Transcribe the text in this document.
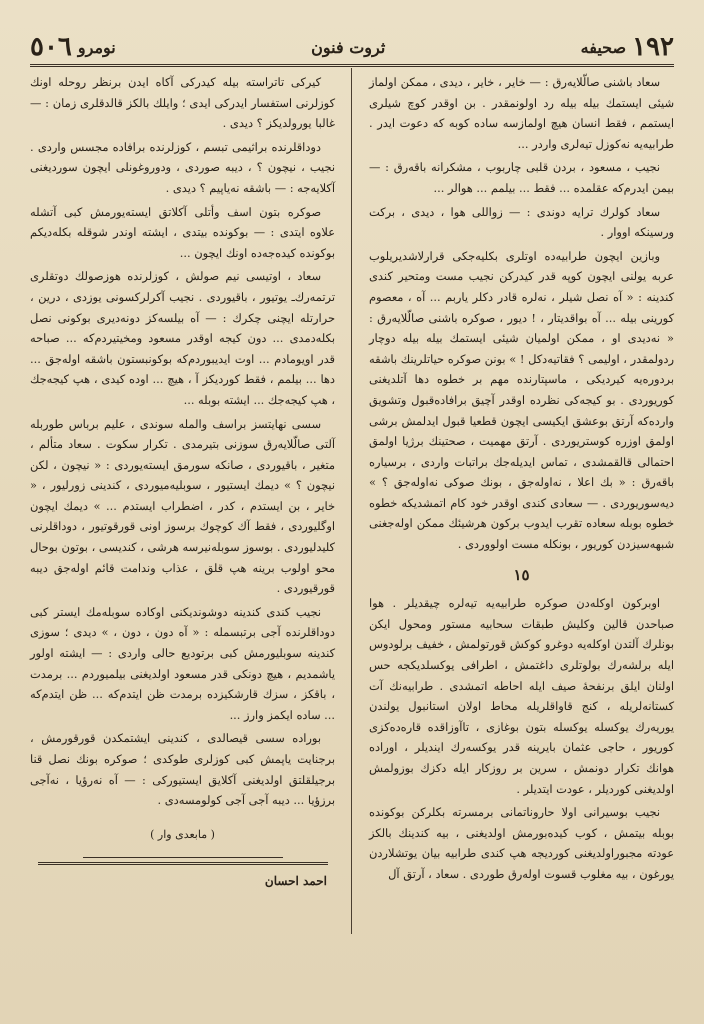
١٩٢
صحيفه
ثروت فنون
نومرو
٥٠٦

سعاد باشنی صالّلایه‌رق : — خایر ، خایر ، دیدی ، ممکن اولماز شیئی ایستمك بیله بیله رد اولونمقدر . بن اوقدر کوچ شیلری ایستمم ، فقط انسان هیچ اولمازسه ساده کوبه که دعوت ایدر . طرابیه‌یه نه‌کوزل تیه‌لری واردر ...

نجیب ، مسعود ، بردن قلبی چاربوب ، مشکرانه باقه‌رق : — بیمن ایدرم‌که عقلمده ... فقط ... بیلمم ... هوالر ...

سعاد کولرك ترایه دوندی : — زواللی هوا ، دیدی ، برکت ورسینکه اووار .

وبازین ایچون طرابیه‌ده اوتلری بکلیه‌جکی قرارلاشدیریلوب عربه یولنی ایچون کوپه قدر کیدرکن نجیب مست ومتحیر کندی کندینه : « آه نصل شیلر ، نه‌لره قادر دکلر یاربم ... آه ، معصوم کورینی بیله ... آه بواقدیتار ، ! دیور ، صوکره باشنی صالّلایه‌رق : « نه‌دیدی او ، ممکن اولمیان شیئی ایستمك بیله بیله دوچار ردولمقدر ، اولیمی ؟ فقاتیه‌دکل ! » بونن صوکره حیاتلرینك باشقه بردوره‌یه کیردیکی ، ماسپتارنده مهم بر خطوه دها آتلدیغنی کوریوردی . بو کیجه‌کی نظرده اوقدر آچیق برافاده‌قبول وتشویق وارده‌که آرتق بوعشق ایکیسی ایچون قطعیا قبول ایدلمش برشی اولمق اوزره کوستریوردی . آرتق مهمیت ، صحتینك برژیا اولمق احتمالی قالقمشدی ، تماس ایدیله‌جك براتبات واردی ، برسیاره باقه‌رق : « بك اعلا ، نه‌اوله‌جق ، بونك صوکی نه‌اوله‌جق ؟ » دیه‌سوریوردی . — سعادی کندی اوقدر خود کام اتمشدیکه خطوه خطوه بوبله سعاده تقرب ایدوب برکون هرشیئك ممکن اوله‌جغنی شبهه‌سیزدن کوریور ، بونکله مست اولووردی .

١٥

اوبركون اوکله‌دن صوکره طرابیه‌یه تیه‌لره چیقدیلر . هوا صباحدن قالین وکلیش طبقات سحابیه مستور ومحول ایکن بونلرك آلتدن اوکله‌یه دوغرو کوکش قورتولمش ، خفیف برلودوس ایله برلشه‌رك بولوتلری داغتمش ، اطرافی یوکسلدیکجه حس اولنان ایلق برنفحهٔ صیف ایله احاطه اتمشدی . طرابیه‌نك آت کستانه‌لریله ، کنج قاواقلریله محاط اولان استانبول یولندن یوریه‌رك یوکسله یوکسله بتون بوغازی ، تاآوزاقده قاره‌ده‌کزی کوریور ، حاجی عثمان بایرینه قدر یوکسه‌رك اینديلر ، اوراده هوانك تکرار دونمش ، سرین بر روزکار ایله دکزك بوزولمش اولدیغنی کوردیلر ، عودت ایتدیلر .

نجیب بوسیرانی اولا حاروناتمانی برمسرته بکلرکن بوکونده بوبله بیتمش ، کوب کیده‌بورمش اولدیغنی ، بیه کندینك بالکز عودته مجبوراولدیغنی کوردیجه هپ کندی طرابیه بیان یوتشلاردن یورغون ، بیه مغلوب قسوت اوله‌رق طوردی . سعاد ، آرتق آل

کیرکی تاتراسته بیله کیدرکی آکاه ایدن برنظر روحله اونك کوزلرنی استفسار ایدرکی ایدی ؛ و‌ایلك بالکز قالدقلری زمان : — غالبا یورولدیکز ؟ دیدی .

دوداقلرنده براثیمی تبسم ، کوزلرنده برافاده مجسس واردی . نجیب ، نیچون ؟ ، دیبه صوردی ، ودوروغونلی ایچون سوردیغنی آکلایه‌جه : — باشقه نه‌یاپیم ؟ دیدی .

صوکره بتون اسف وأتلی آکلاتق ایسته‌یورمش کبی آتشله علاوه ایتدی : — بوکونده بیتدی ، ایشته اوندر شوقله بکله‌دیکم بوکونده کیده‌جه‌ده اونك ایچون ...

سعاد ، اوتیسی نیم صولش ، کوزلرنده هوزصولك دوتقلری ترتمه‌رك‌ـ یوتیور ، باقیوردی . نجیب آکرلرکسونی یوزدی ، درین ، حرارتله ایچنی چکرك : — آه بیلسه‌کز دونه‌دیری بوکونی نصل بکله‌دمدی ... دون کیجه اوقدر مسعود ومخیتیردم‌که ... صباحه قدر اویومادم ... اوت ایدیبوردم‌که بوکونبستون باشقه اوله‌جق ... دها ... بیلمم ، فقط کوردیکز آ ، هیچ ... اوده کیدی ، هپ کیجه‌جك ، هپ کیجه‌جك ... ایشته بوبله ...

سسی نهایتسز براسف والمله سوندی ، علیم برباس طوربله آلتی صالّلایه‌رق سوزنی بتیرمدی . تکرار سکوت . سعاد متألم ، متغیر ، باقیوردی ، صانکه سورمق ایسته‌یوردی : « نیچون ، لکن نیچون ؟ » دیمك ایستیور ، سوبلیه‌میوردی ، کندینی زورلیور ، « خایر ، بن ایستدم ، کدر ، اضطراب ایستدم ... » دیمك ایچون اوگلیوردی ، فقط آك کوچوك برسوز اونی قورقوتیور ، دوداقلرنی کلیدلیوردی . بوسوز سوبله‌نیرسه هرشی ، کندیسی ، بوتون بوحال محو اولوب برینه هپ قلق ، عذاب وندامت قائم اوله‌جق دیبه قورقیوردی .

نجیب کندی کندینه دوشوندیکنی اوکاده سوبله‌مك ایستر کبی دوداقلرنده آجی برتبسمله : « آه دون ، دون ، » دیدی ؛ سوزی کندینه سوبلیورمش کبی برتودیع حالی واردی : — ایشته اولور یاشمدیم ، هیچ دونکی قدر مسعود اولدیغنی بیلمیوردم ... برمدت ، باقکز ، سزك قارشکیزده برمدت ظن ایتدم‌که ... ظن ایتدم‌که ... ساده ایکمز وارز ...

بوراده سسی قیصالدی ، کندینی ایشتمکدن قورقورمش ، برجنایت یاپمش کبی کوزلری طوکدی ؛ صوکره بونك نصل قنا برجیلقلتق اولدیغنی آکلایق ایستیورکی : — آه نه‌رؤیا ، نه‌آجی برزؤیا ... دیبه آجی آجی کولومسه‌دی .

( مابعدی وار )
احمد احسان
